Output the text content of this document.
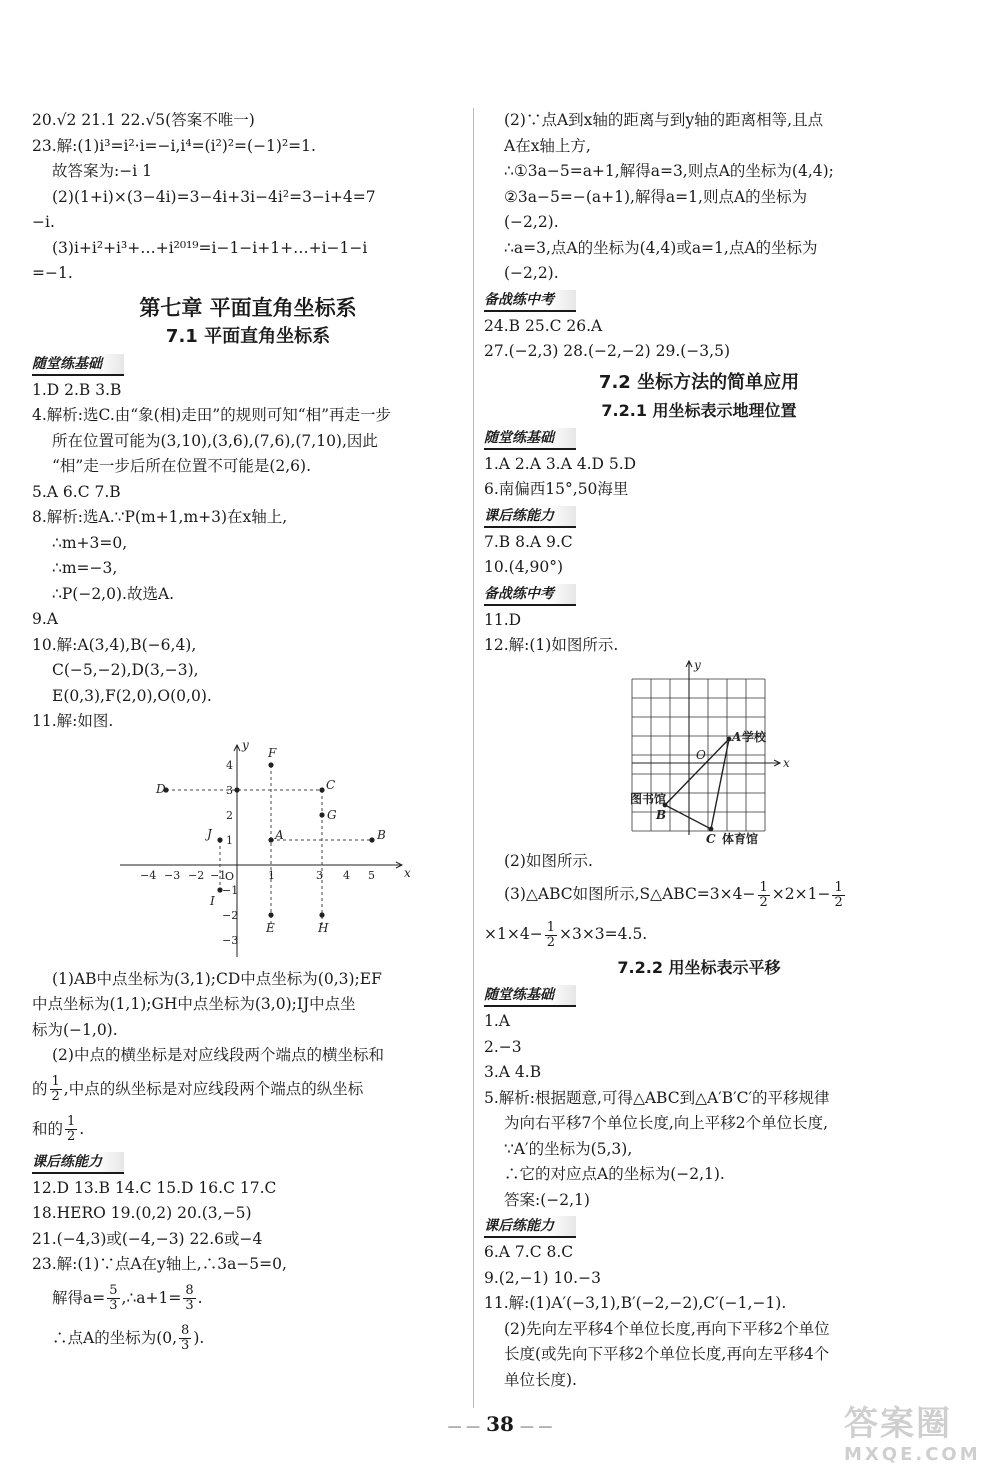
20.√2 21.1 22.√5(答案不唯一)
23.解:(1)i³=i²·i=−i,i⁴=(i²)²=(−1)²=1.
故答案为:−i 1
(2)(1+i)×(3−4i)=3−4i+3i−4i²=3−i+4=7
−i.
(3)i+i²+i³+…+i²⁰¹⁹=i−1−i+1+…+i−1−i
=−1.
第七章 平面直角坐标系
7.1 平面直角坐标系
随堂练基础
1.D 2.B 3.B
4.解析:选C.由“象(相)走田”的规则可知“相”再走一步
所在位置可能为(3,10),(3,6),(7,6),(7,10),因此
“相”走一步后所在位置不可能是(2,6).
5.A 6.C 7.B
8.解析:选A.∵P(m+1,m+3)在x轴上,
∴m+3=0,
∴m=−3,
∴P(−2,0).故选A.
9.A
10.解:A(3,4),B(−6,4),
C(−5,−2),D(3,−3),
E(0,3),F(2,0),O(0,0).
11.解:如图.
x
y
D	C
F
G
A	B
J
I
E	H
O
−4 −3 −2 −1	1	3 4 5
4
3
2
1
−1
−2
−3
(1)AB中点坐标为(3,1);CD中点坐标为(0,3);EF
中点坐标为(1,1);GH中点坐标为(3,0);IJ中点坐
标为(−1,0).
(2)中点的横坐标是对应线段两个端点的横坐标和
的 $\frac{1}{2}$ ,中点的纵坐标是对应线段两个端点的纵坐标
和的 $\frac{1}{2}$ .
课后练能力
12.D 13.B 14.C 15.D 16.C 17.C
18.HERO 19.(0,2) 20.(3,−5)
21.(−4,3)或(−4,−3) 22.6或−4
23.解:(1)∵点A在y轴上,∴3a−5=0,
解得$a= \frac{5}{3}$ ,∴a+1= $\frac{8}{3}$ .
∴点A的坐标为(0, $\frac{8}{3}$ ).
(2)∵点A到x轴的距离与到y轴的距离相等,且点
A在x轴上方,
∴①3a−5=a+1,解得a=3,则点A的坐标为(4,4);
②3a−5=−(a+1),解得a=1,则点A的坐标为
(−2,2).
∴a=3,点A的坐标为(4,4)或a=1,点A的坐标为
(−2,2).
备战练中考
24.B 25.C 26.A
27.(−2,3) 28.(−2,−2) 29.(−3,5)
7.2 坐标方法的简单应用
7.2.1 用坐标表示地理位置
随堂练基础
1.A 2.A 3.A 4.D 5.D
6.南偏西15°,50海里
课后练能力
7.B 8.A 9.C
10.(4,90°)
备战练中考
11.D
12.解:(1)如图所示.
y
x
O
A 学校
图书馆
B
C 体育馆
(2)如图所示.
(3)△ABC如图所示,S△ABC=3×4− $\frac{1}{2} \times 2\times 1- \frac{1}{2}$
$\times 1\times 4- \frac{1}{2} \times 3\times 3=4.5$.
7.2.2 用坐标表示平移
随堂练基础
1.A
2.−3
3.A 4.B
5.解析:根据题意,可得△ABC到△A′B′C′的平移规律
为向右平移7个单位长度,向上平移2个单位长度,
∵A′的坐标为(5,3),
∴它的对应点A的坐标为(−2,1).
答案:(−2,1)
课后练能力
6.A 7.C 8.C
9.(2,−1) 10.−3
11.解:(1)A′(−3,1),B′(−2,−2),C′(−1,−1).
(2)先向左平移4个单位长度,再向下平移2个单位
长度(或先向下平移2个单位长度,再向左平移4个
单位长度).
— — 38 — —	答案圈
MXQE.COM
